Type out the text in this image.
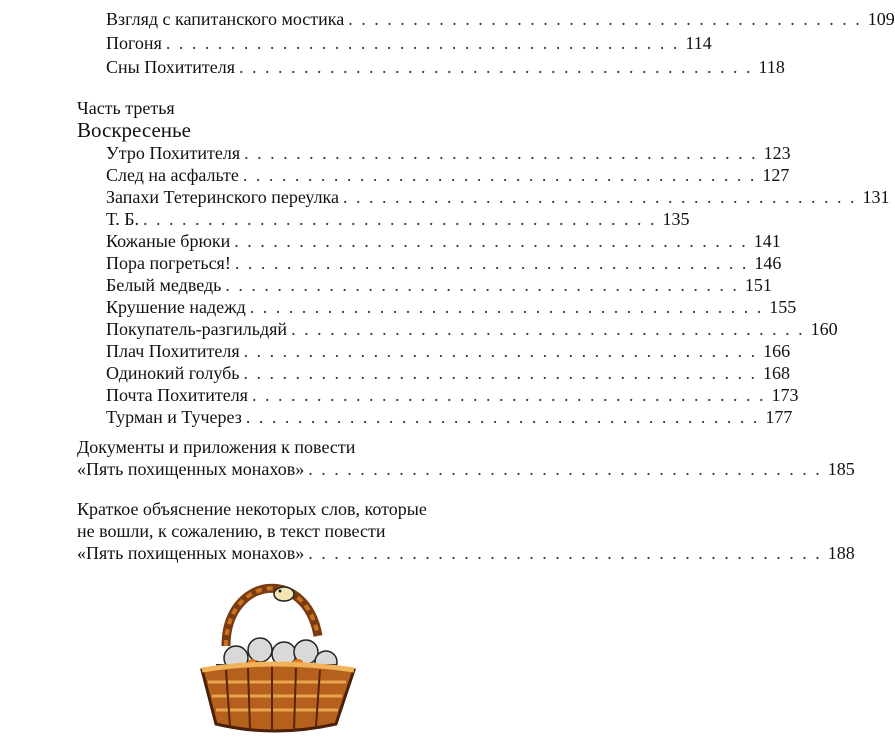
Взгляд с капитанского мостика . . . . . . . . . . . . . . . . . . . . . . . . . . . . . . . . . . . . . . . . 109
Погоня . . . . . . . . . . . . . . . . . . . . . . . . . . . . . . . . . . . . . . . . 114
Сны Похитителя . . . . . . . . . . . . . . . . . . . . . . . . . . . . . . . . . . . . . . . . 118
Часть третья
Воскресенье
Утро Похитителя . . . . . . . . . . . . . . . . . . . . . . . . . . . . . . . . . . . . . . . . 123
След на асфальте . . . . . . . . . . . . . . . . . . . . . . . . . . . . . . . . . . . . . . . . 127
Запахи Тетеринского переулка . . . . . . . . . . . . . . . . . . . . . . . . . . . . . . . . . . . . . . . . 131
Т. Б. . . . . . . . . . . . . . . . . . . . . . . . . . . . . . . . . . . . . . . . . 135
Кожаные брюки . . . . . . . . . . . . . . . . . . . . . . . . . . . . . . . . . . . . . . . . 141
Пора погреться! . . . . . . . . . . . . . . . . . . . . . . . . . . . . . . . . . . . . . . . . 146
Белый медведь . . . . . . . . . . . . . . . . . . . . . . . . . . . . . . . . . . . . . . . . 151
Крушение надежд . . . . . . . . . . . . . . . . . . . . . . . . . . . . . . . . . . . . . . . . 155
Покупатель-разгильдяй . . . . . . . . . . . . . . . . . . . . . . . . . . . . . . . . . . . . . . . . 160
Плач Похитителя . . . . . . . . . . . . . . . . . . . . . . . . . . . . . . . . . . . . . . . . 166
Одинокий голубь . . . . . . . . . . . . . . . . . . . . . . . . . . . . . . . . . . . . . . . . 168
Почта Похитителя . . . . . . . . . . . . . . . . . . . . . . . . . . . . . . . . . . . . . . . . 173
Турман и Тучерез . . . . . . . . . . . . . . . . . . . . . . . . . . . . . . . . . . . . . . . . 177
Документы и приложения к повести
«Пять похищенных монахов» . . . . . . . . . . . . . . . . . . . . . . . . . . . . . . . . . . . . . . . . 185
Краткое объяснение некоторых слов, которые
не вошли, к сожалению, в текст повести
«Пять похищенных монахов» . . . . . . . . . . . . . . . . . . . . . . . . . . . . . . . . . . . . . . . . 188
